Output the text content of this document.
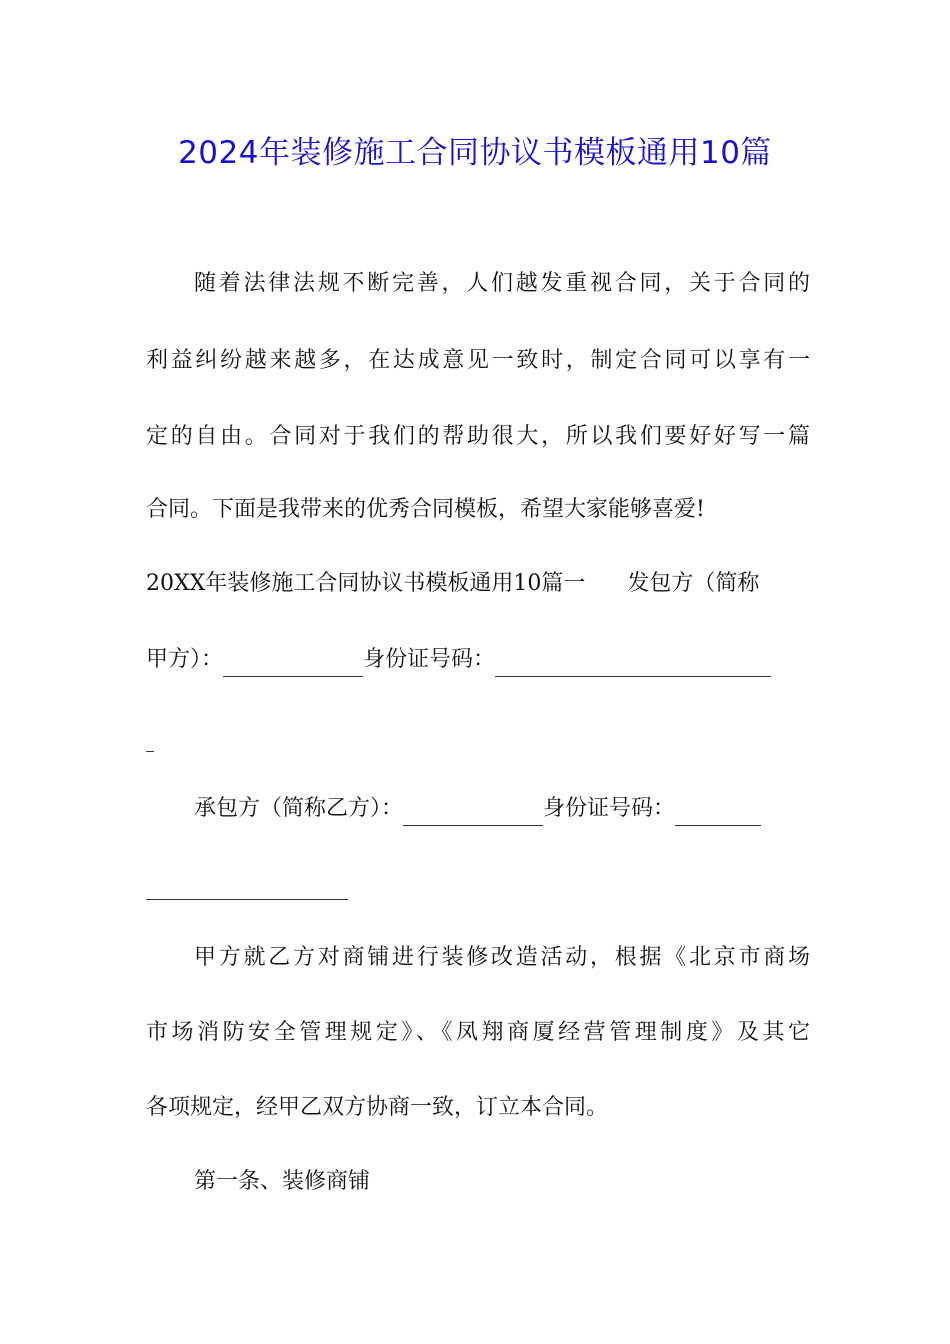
2024年装修施工合同协议书模板通用10篇
随着法律法规不断完善，人们越发重视合同，关于合同的
利益纠纷越来越多，在达成意见一致时，制定合同可以享有一
定的自由。合同对于我们的帮助很大，所以我们要好好写一篇
合同。下面是我带来的优秀合同模板，希望大家能够喜爱!
20XX年装修施工合同协议书模板通用10篇一 发包方（简称
甲方）：	身份证号码：
承包方（简称乙方）：	身份证号码：
甲方就乙方对商铺进行装修改造活动，根据《北京市商场
市场消防安全管理规定》、《凤翔商厦经营管理制度》及其它
各项规定，经甲乙双方协商一致，订立本合同。
第一条、装修商铺
